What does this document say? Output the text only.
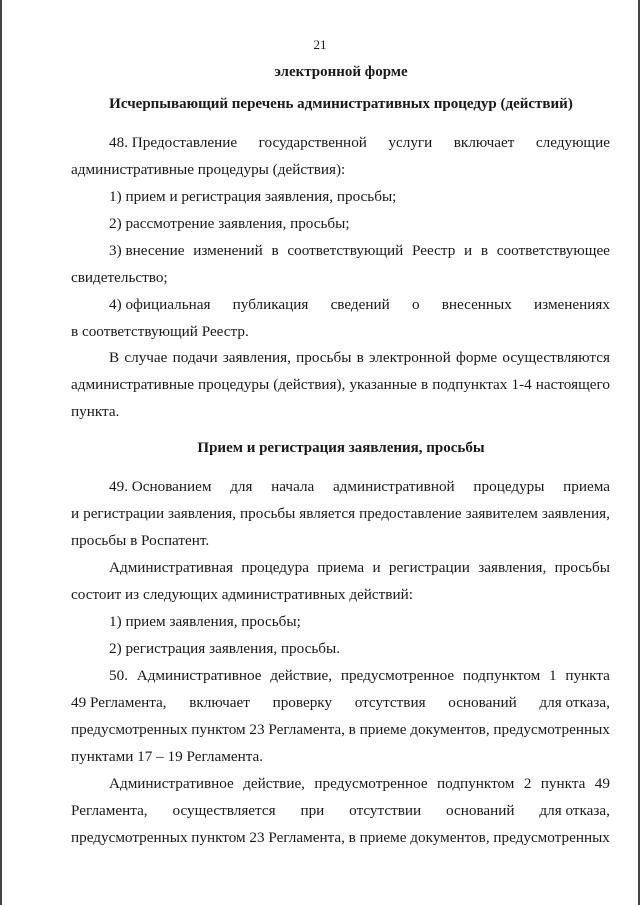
21
электронной форме
Исчерпывающий перечень административных процедур (действий)
48. Предоставление государственной услуги включает следующие
административные процедуры (действия):
1) прием и регистрация заявления, просьбы;
2) рассмотрение заявления, просьбы;
3) внесение изменений в соответствующий Реестр и в соответствующее
свидетельство;
4) официальная публикация сведений о внесенных изменениях
в соответствующий Реестр.
В случае подачи заявления, просьбы в электронной форме осуществляются
административные процедуры (действия), указанные в подпунктах 1-4 настоящего
пункта.
Прием и регистрация заявления, просьбы
49. Основанием для начала административной процедуры приема
и регистрации заявления, просьбы является предоставление заявителем заявления,
просьбы в Роспатент.
Административная процедура приема и регистрации заявления, просьбы
состоит из следующих административных действий:
1) прием заявления, просьбы;
2) регистрация заявления, просьбы.
50. Административное действие, предусмотренное подпунктом 1 пункта
49 Регламента, включает проверку отсутствия оснований для отказа,
предусмотренных пунктом 23 Регламента, в приеме документов, предусмотренных
пунктами 17 – 19 Регламента.
Административное действие, предусмотренное подпунктом 2 пункта 49
Регламента, осуществляется при отсутствии оснований для отказа,
предусмотренных пунктом 23 Регламента, в приеме документов, предусмотренных
